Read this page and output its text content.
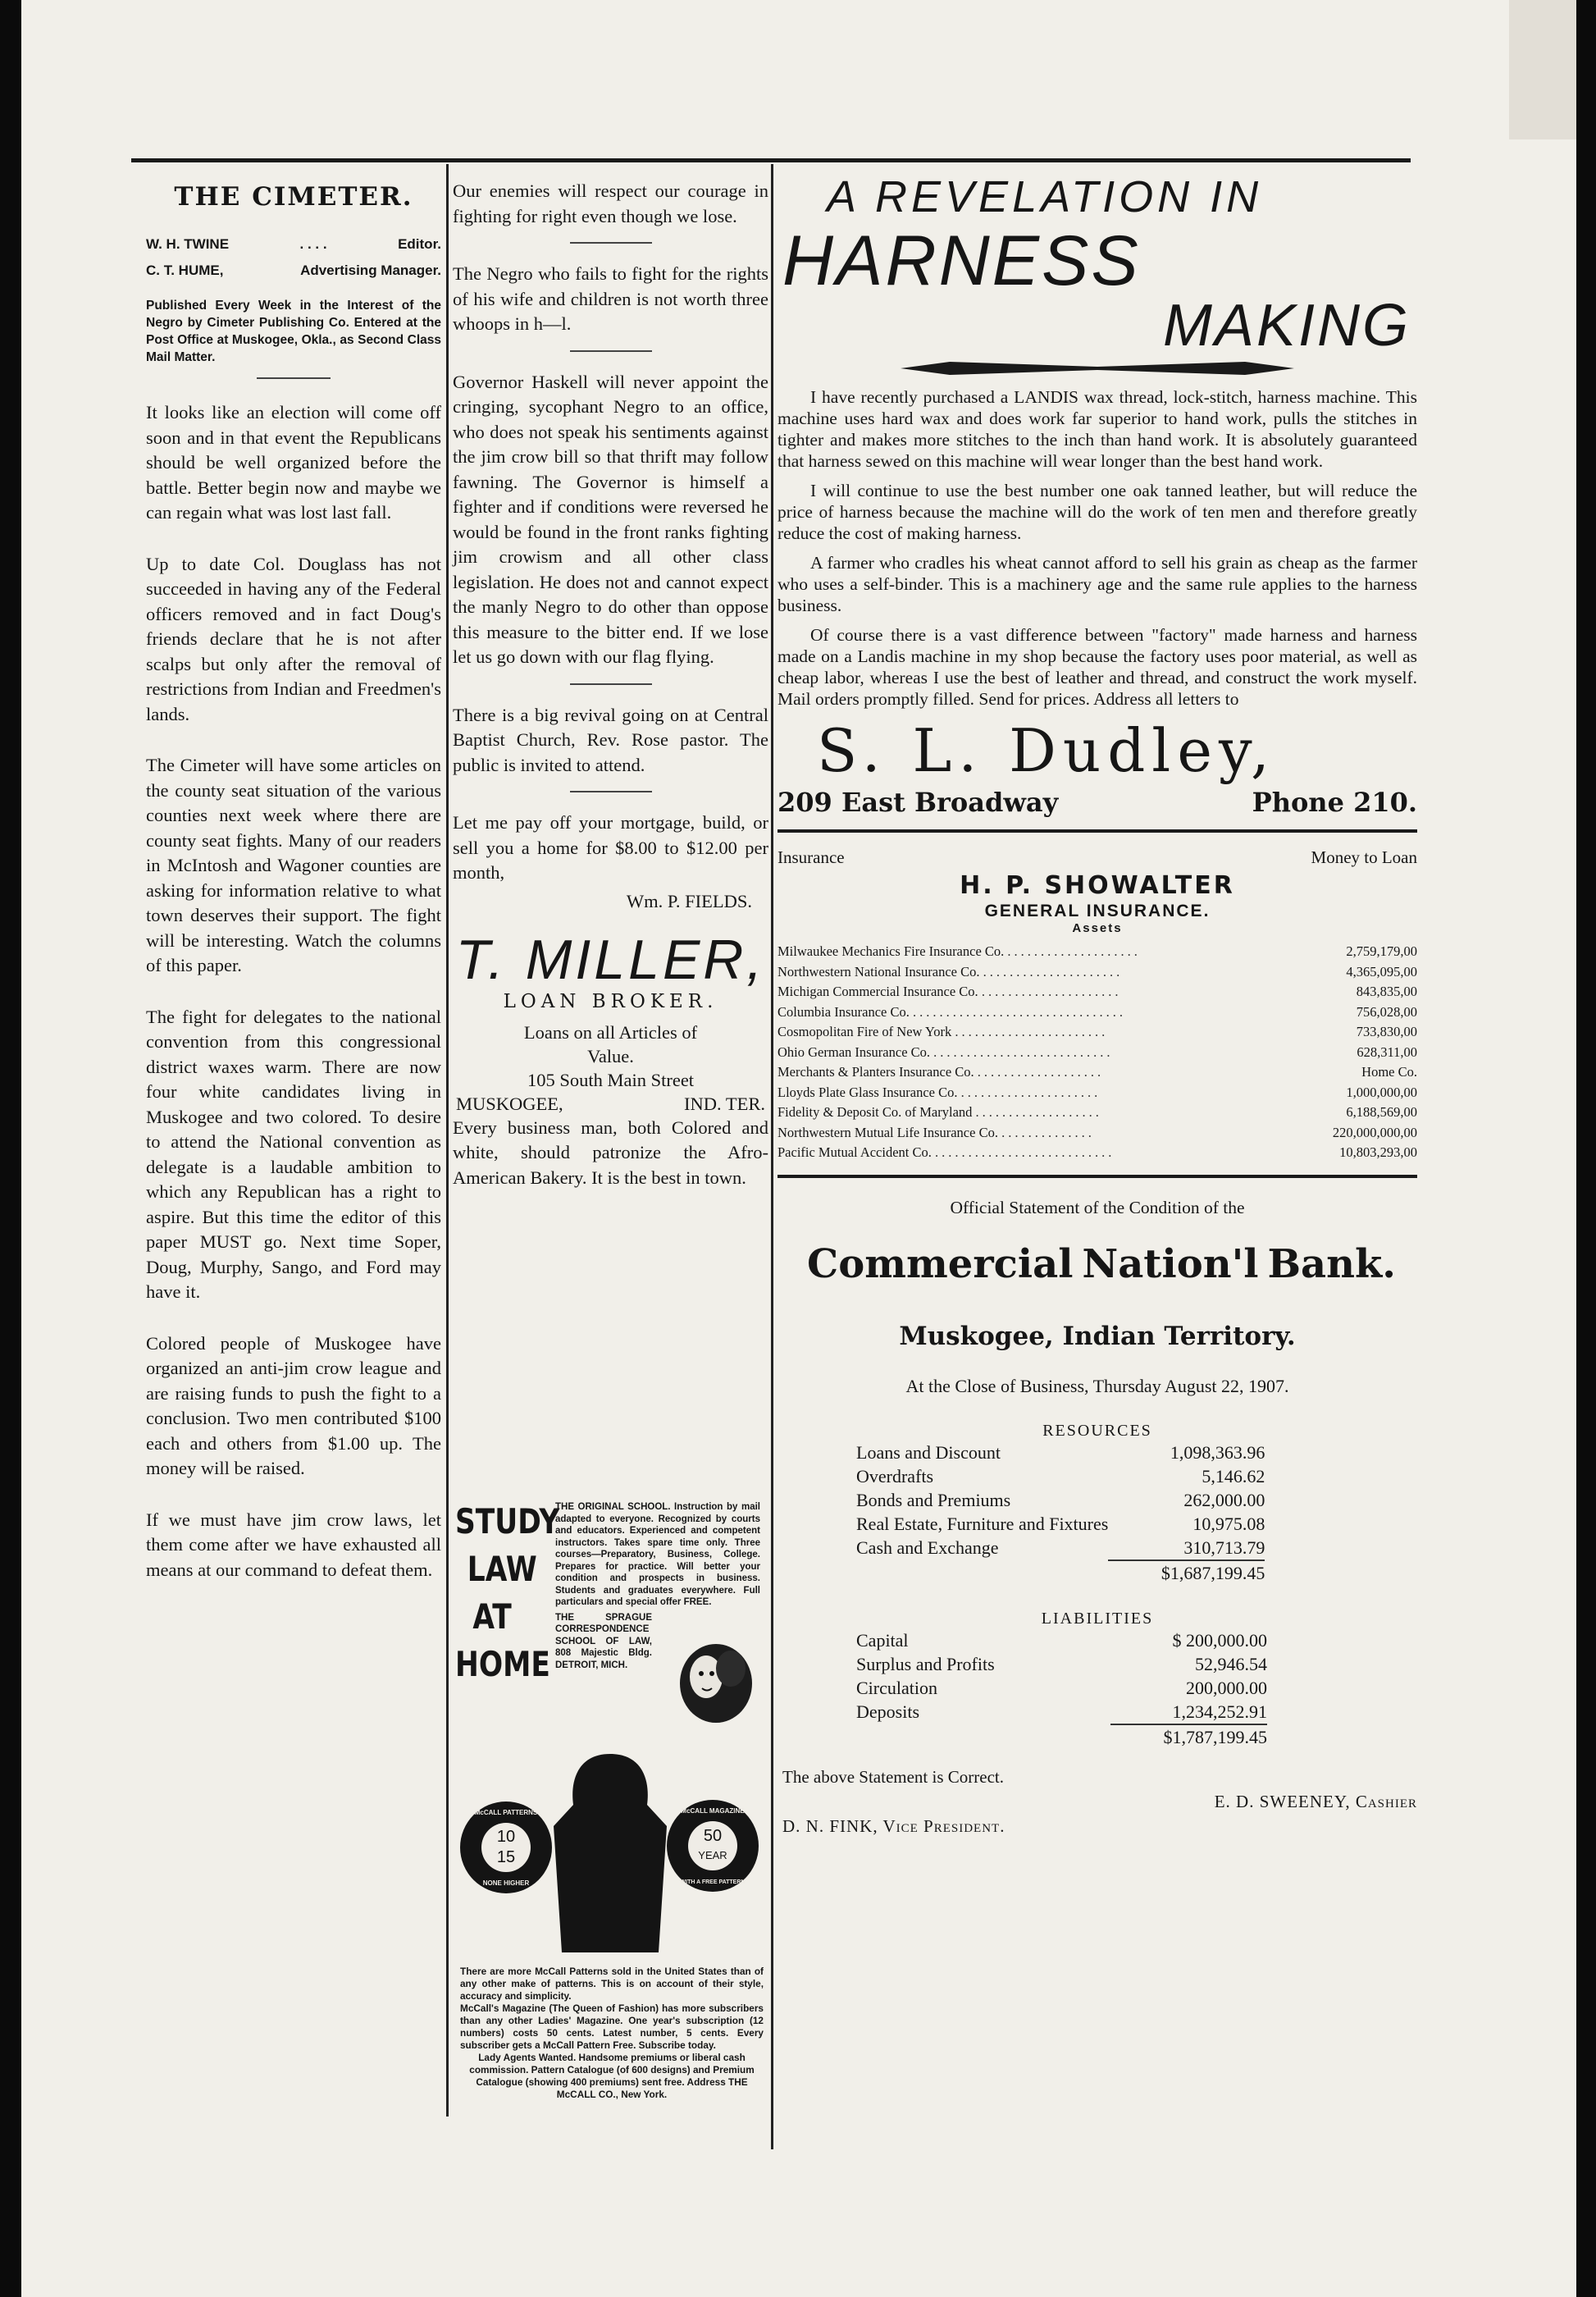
THE CIMETER.
W. H. TWINE	. . . .	Editor.
C. T. HUME,	Advertising Manager.
Published Every Week in the Interest of the Negro by Cimeter Publishing Co. Entered at the Post Office at Muskogee, Okla., as Second Class Mail Matter.

It looks like an election will come off soon and in that event the Republicans should be well organized before the battle. Better begin now and maybe we can regain what was lost last fall.

Up to date Col. Douglass has not succeeded in having any of the Federal officers removed and in fact Doug's friends declare that he is not after scalps but only after the removal of restrictions from Indian and Freedmen's lands.

The Cimeter will have some articles on the county seat situation of the various counties next week where there are county seat fights. Many of our readers in McIntosh and Wagoner counties are asking for information relative to what town deserves their support. The fight will be interesting. Watch the columns of this paper.

The fight for delegates to the national convention from this congressional district waxes warm. There are now four white candidates living in Muskogee and two colored. To desire to attend the National convention as delegate is a laudable ambition to which any Republican has a right to aspire. But this time the editor of this paper MUST go. Next time Soper, Doug, Murphy, Sango, and Ford may have it.

Colored people of Muskogee have organized an anti-jim crow league and are raising funds to push the fight to a conclusion. Two men contributed $100 each and others from $1.00 up. The money will be raised.

If we must have jim crow laws, let them come after we have exhausted all means at our command to defeat them.

Our enemies will respect our courage in fighting for right even though we lose.

The Negro who fails to fight for the rights of his wife and children is not worth three whoops in h—l.

Governor Haskell will never appoint the cringing, sycophant Negro to an office, who does not speak his sentiments against the jim crow bill so that thrift may follow fawning. The Governor is himself a fighter and if conditions were reversed he would be found in the front ranks fighting jim crowism and all other class legislation. He does not and cannot expect the manly Negro to do other than oppose this measure to the bitter end. If we lose let us go down with our flag flying.

There is a big revival going on at Central Baptist Church, Rev. Rose pastor. The public is invited to attend.

Let me pay off your mortgage, build, or sell you a home for $8.00 to $12.00 per month,

Wm. P. FIELDS.
T. MILLER,
LOAN BROKER.
Loans on all Articles of
Value.
105 South Main Street
MUSKOGEE,	IND. TER.

Every business man, both Colored and white, should patronize the Afro-American Bakery. It is the best in town.

STUDY
LAW
AT
HOME
THE ORIGINAL SCHOOL. Instruction by mail adapted to everyone. Recognized by courts and educators. Experienced and competent instructors. Takes spare time only. Three courses—Preparatory, Business, College. Prepares for practice. Will better your condition and prospects in business. Students and graduates everywhere. Full particulars and special offer FREE.
THE SPRAGUE CORRESPONDENCE SCHOOL OF LAW, 808 Majestic Bldg. DETROIT, MICH.
10
15
50
YEAR
McCALL PATTERNS
NONE HIGHER
McCALL MAGAZINE
WITH A FREE PATTERN
There are more McCall Patterns sold in the United States than of any other make of patterns. This is on account of their style, accuracy and simplicity.
McCall's Magazine (The Queen of Fashion) has more subscribers than any other Ladies' Magazine. One year's subscription (12 numbers) costs 50 cents. Latest number, 5 cents. Every subscriber gets a McCall Pattern Free. Subscribe today.
Lady Agents Wanted. Handsome premiums or liberal cash commission. Pattern Catalogue (of 600 designs) and Premium Catalogue (showing 400 premiums) sent free. Address THE McCALL CO., New York.
A REVELATION IN
HARNESS
MAKING

I have recently purchased a LANDIS wax thread, lock-stitch, harness machine. This machine uses hard wax and does work far superior to hand work, pulls the stitches in tighter and makes more stitches to the inch than hand work. It is absolutely guaranteed that harness sewed on this machine will wear longer than the best hand work.

I will continue to use the best number one oak tanned leather, but will reduce the price of harness because the machine will do the work of ten men and therefore greatly reduce the cost of making harness.

A farmer who cradles his wheat cannot afford to sell his grain as cheap as the farmer who uses a self-binder. This is a machinery age and the same rule applies to the harness business.

Of course there is a vast difference between "factory" made harness and harness made on a Landis machine in my shop because the factory uses poor material, as well as cheap labor, whereas I use the best of leather and thread, and construct the work myself. Mail orders promptly filled. Send for prices. Address all letters to

S. L. Dudley,
209 East Broadway	Phone 210.
Insurance	Money to Loan
H. P. SHOWALTER
GENERAL INSURANCE.
Assets
Milwaukee Mechanics Fire Insurance Co. ....................	2,759,179,00
Northwestern National Insurance Co. .....................	4,365,095,00
Michigan Commercial Insurance Co. .....................	843,835,00
Columbia Insurance Co. ................................	756,028,00
Cosmopolitan Fire of New York .......................	733,830,00
Ohio German Insurance Co. ...........................	628,311,00
Merchants & Planters Insurance Co. ...................	Home Co.
Lloyds Plate Glass Insurance Co. .....................	1,000,000,00
Fidelity & Deposit Co. of Maryland ...................	6,188,569,00
Northwestern Mutual Life Insurance Co. ..............	220,000,000,00
Pacific Mutual Accident Co. ...........................	10,803,293,00
Official Statement of the Condition of the
Commercial Nation'l Bank.
Muskogee, Indian Territory.
At the Close of Business, Thursday August 22, 1907.
RESOURCES
Loans and Discount	1,098,363.96
Overdrafts	5,146.62
Bonds and Premiums	262,000.00
Real Estate, Furniture and Fixtures	10,975.08
Cash and Exchange	310,713.79
	$1,687,199.45
LIABILITIES
Capital	$ 200,000.00
Surplus and Profits	52,946.54
Circulation	200,000.00
Deposits	1,234,252.91
	$1,787,199.45
The above Statement is Correct.
E. D. SWEENEY, Cashier
D. N. FINK, Vice President.
